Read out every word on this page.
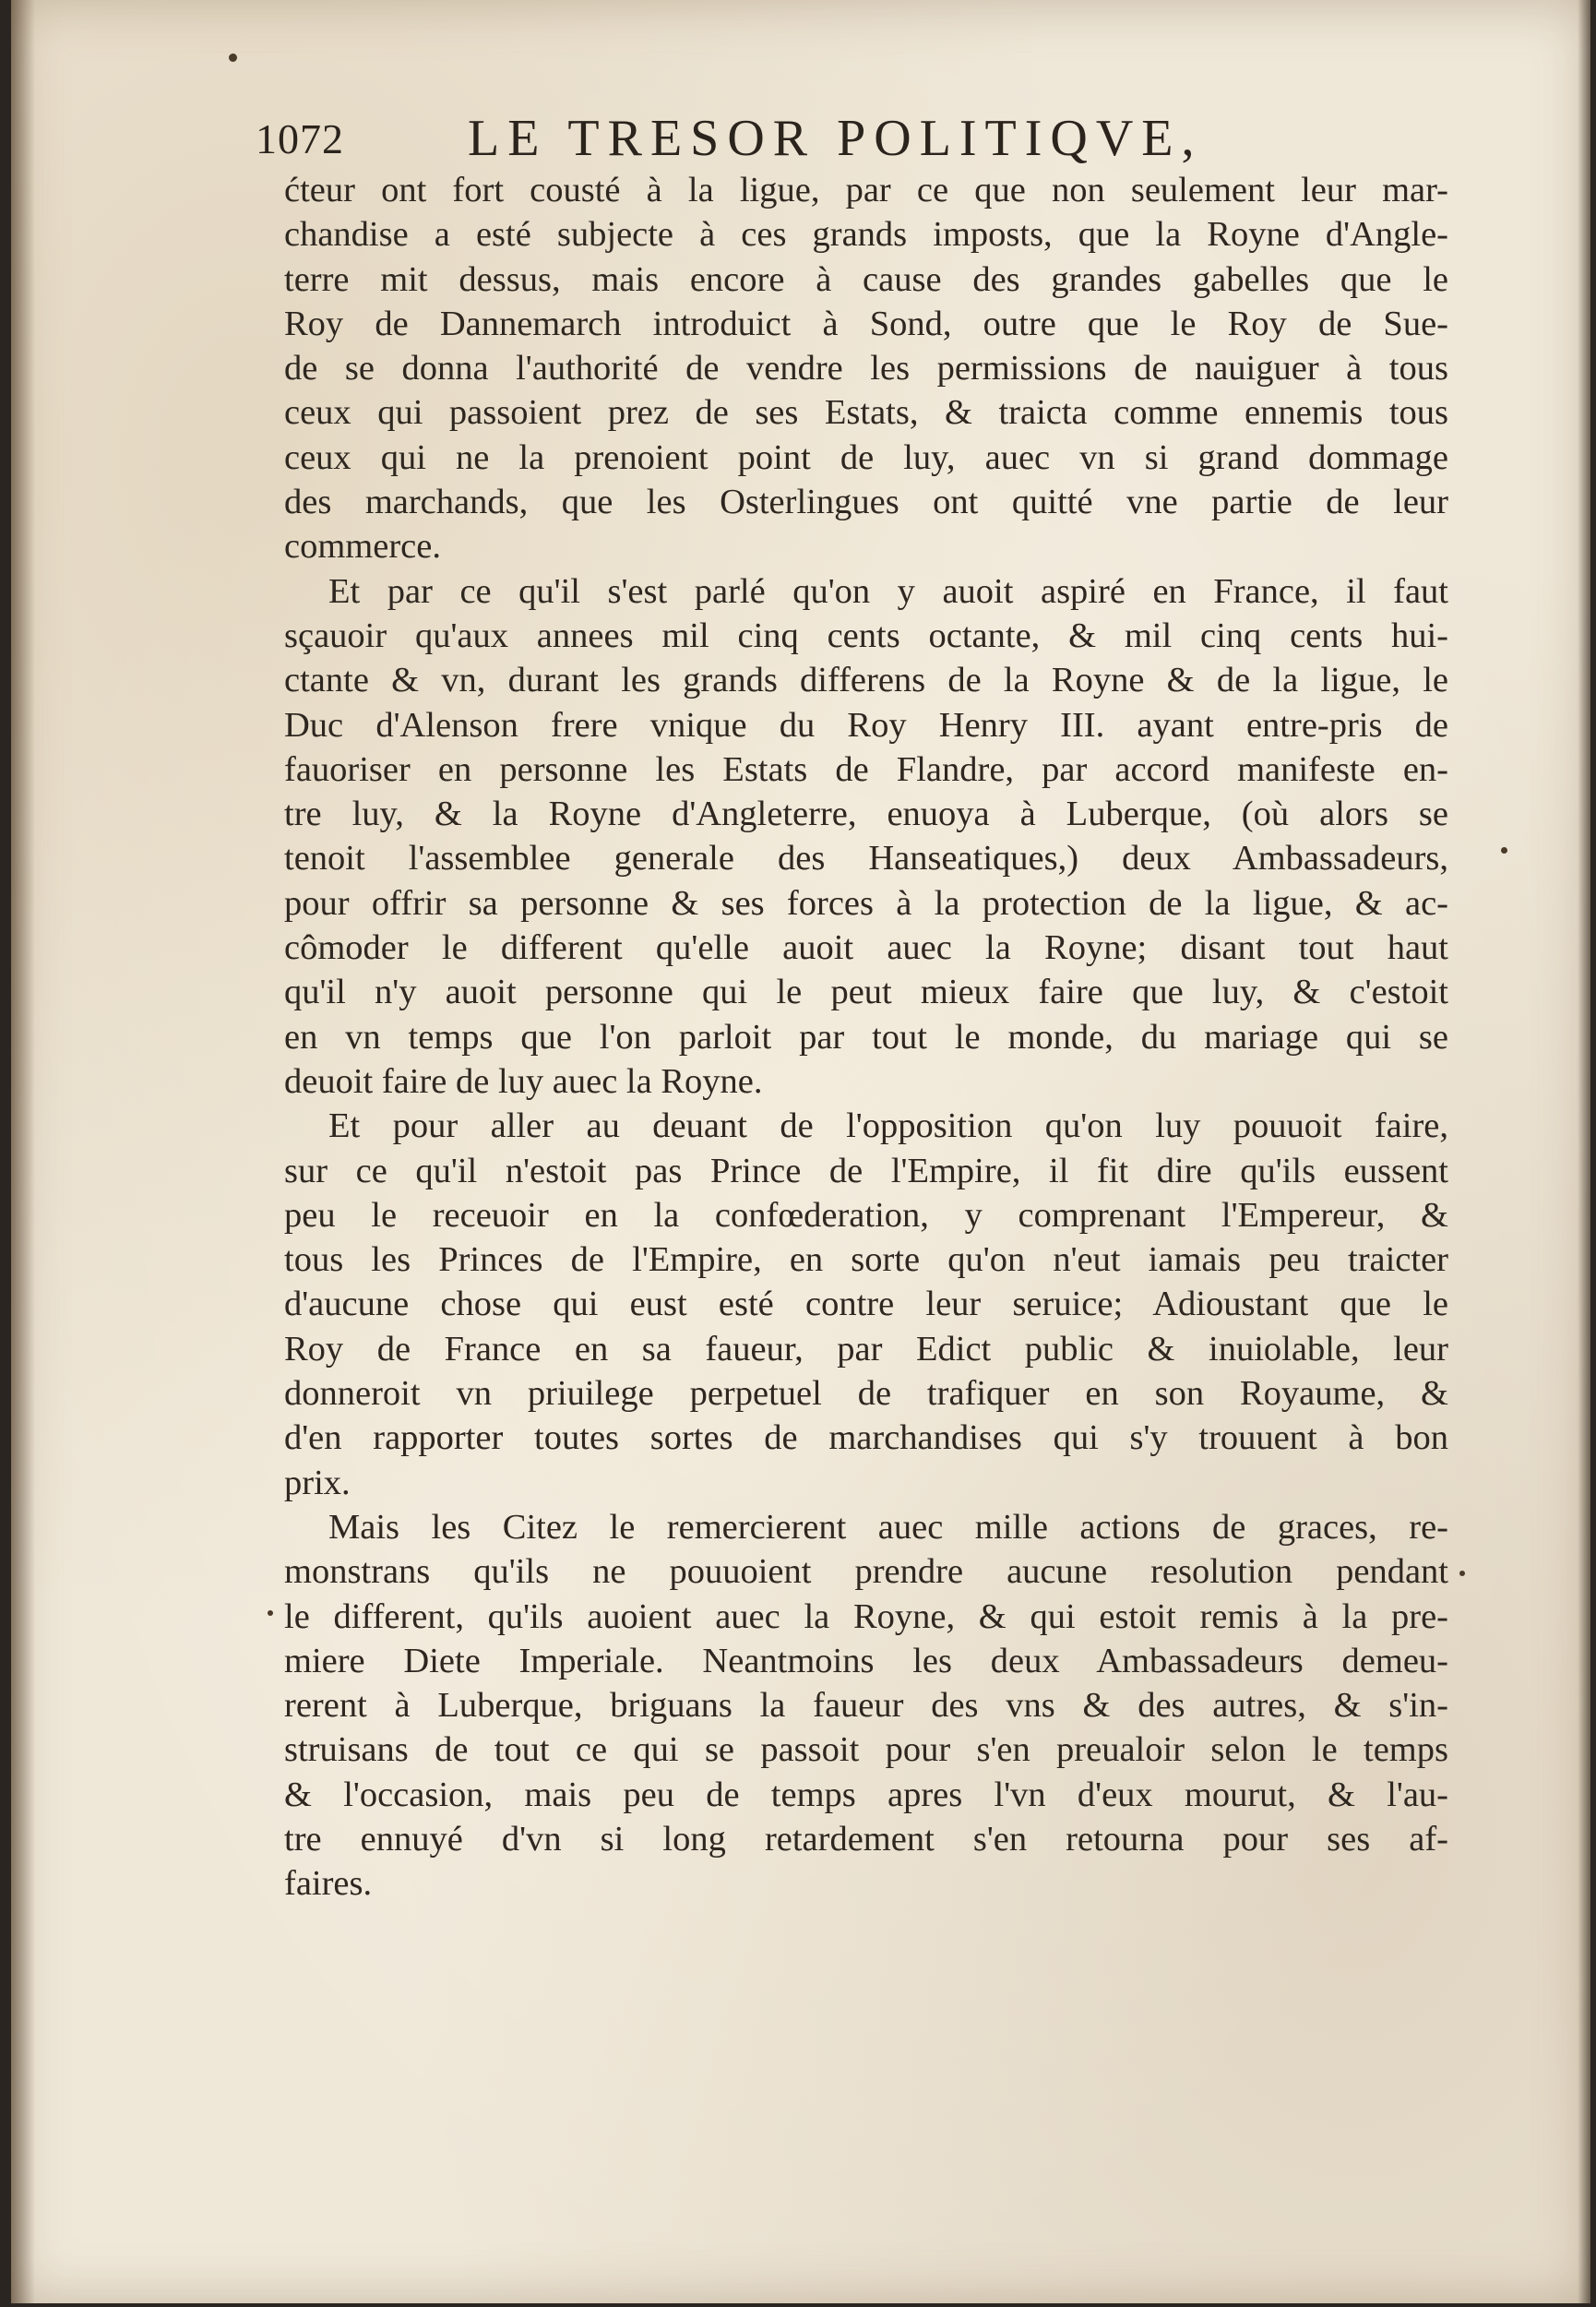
1072 LE TRESOR POLITIQVE,
ćteur ont fort cousté à la ligue, par ce que non seulement leur mar-
chandise a esté subjecte à ces grands imposts, que la Royne d'Angle-
terre mit dessus, mais encore à cause des grandes gabelles que le
Roy de Dannemarch introduict à Sond, outre que le Roy de Sue-
de se donna l'authorité de vendre les permissions de nauiguer à tous
ceux qui passoient prez de ses Estats, & traicta comme ennemis tous
ceux qui ne la prenoient point de luy, auec vn si grand dommage
des marchands, que les Osterlingues ont quitté vne partie de leur
commerce.
Et par ce qu'il s'est parlé qu'on y auoit aspiré en France, il faut
sçauoir qu'aux annees mil cinq cents octante, & mil cinq cents hui-
ctante & vn, durant les grands differens de la Royne & de la ligue, le
Duc d'Alenson frere vnique du Roy Henry III. ayant entre-pris de
fauoriser en personne les Estats de Flandre, par accord manifeste en-
tre luy, & la Royne d'Angleterre, enuoya à Luberque, (où alors se
tenoit l'assemblee generale des Hanseatiques,) deux Ambassadeurs,
pour offrir sa personne & ses forces à la protection de la ligue, & ac-
cômoder le different qu'elle auoit auec la Royne; disant tout haut
qu'il n'y auoit personne qui le peut mieux faire que luy, & c'estoit
en vn temps que l'on parloit par tout le monde, du mariage qui se
deuoit faire de luy auec la Royne.
Et pour aller au deuant de l'opposition qu'on luy pouuoit faire,
sur ce qu'il n'estoit pas Prince de l'Empire, il fit dire qu'ils eussent
peu le receuoir en la confœderation, y comprenant l'Empereur, &
tous les Princes de l'Empire, en sorte qu'on n'eut iamais peu traicter
d'aucune chose qui eust esté contre leur seruice; Adioustant que le
Roy de France en sa faueur, par Edict public & inuiolable, leur
donneroit vn priuilege perpetuel de trafiquer en son Royaume, &
d'en rapporter toutes sortes de marchandises qui s'y trouuent à bon
prix.
Mais les Citez le remercierent auec mille actions de graces, re-
monstrans qu'ils ne pouuoient prendre aucune resolution pendant
le different, qu'ils auoient auec la Royne, & qui estoit remis à la pre-
miere Diete Imperiale. Neantmoins les deux Ambassadeurs demeu-
rerent à Luberque, briguans la faueur des vns & des autres, & s'in-
struisans de tout ce qui se passoit pour s'en preualoir selon le temps
& l'occasion, mais peu de temps apres l'vn d'eux mourut, & l'au-
tre ennuyé d'vn si long retardement s'en retourna pour ses af-
faires.
